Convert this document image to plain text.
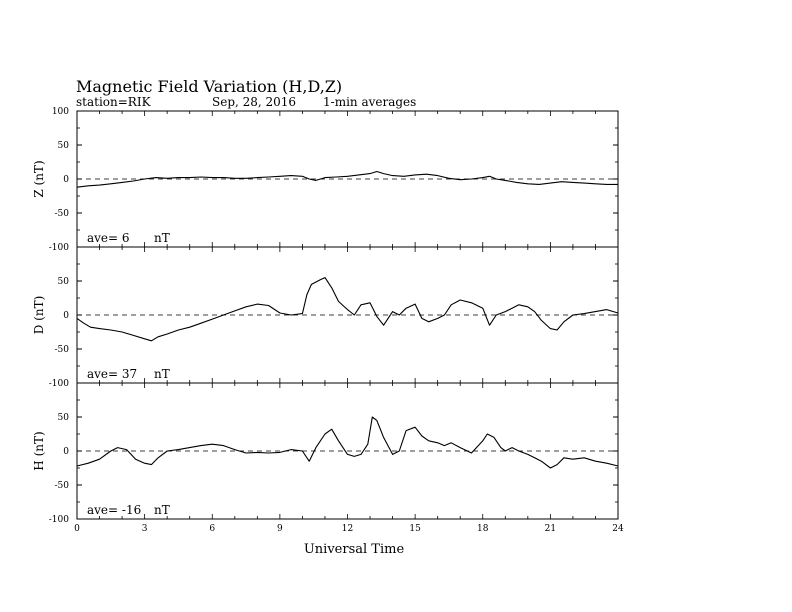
Magnetic Field Variation (H,D,Z)
station=RIK	Sep, 28, 2016 1-min averages
100
50
0
-50
-100
Z (nT)
ave= 6 nT
50
0
-50
-100
D (nT)
ave= 37 nT
50
0
-50
-100
H (nT)
ave= -16 nT
0	3	6	9	12	15	18	21	24
Universal Time
